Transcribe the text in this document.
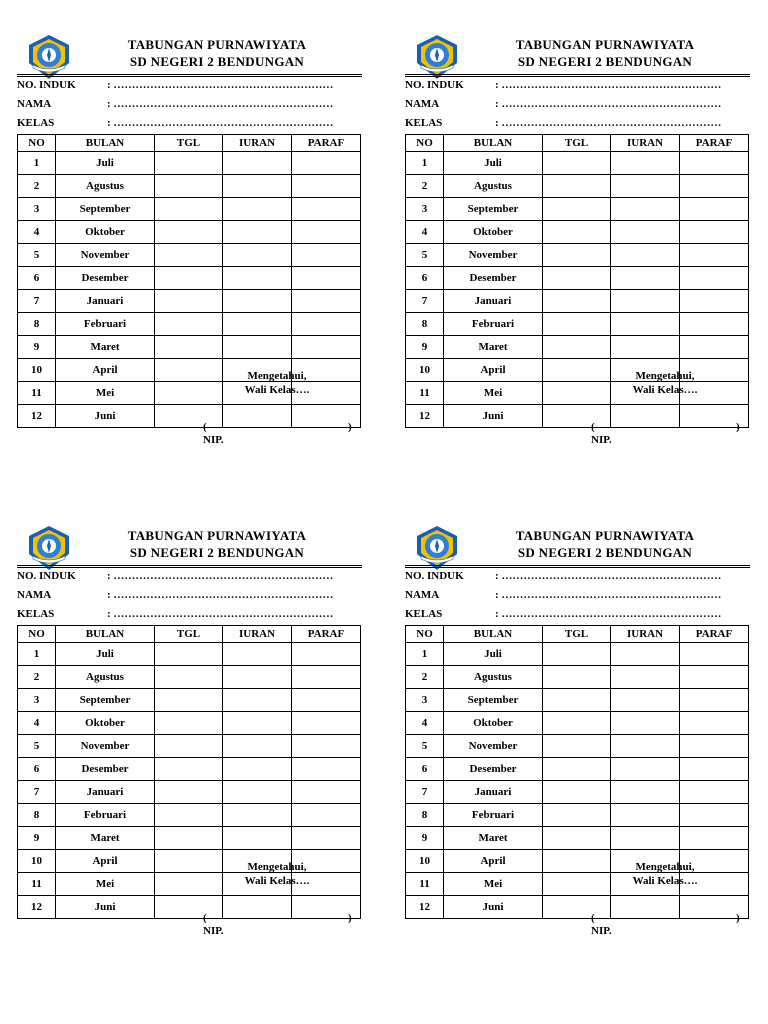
TABUNGAN PURNAWIYATA
SD NEGERI 2 BENDUNGAN
NO. INDUK	: ……………………………………………………
NAMA	: ……………………………………………………
KELAS	: ……………………………………………………
NO	BULAN	TGL	IURAN	PARAF
1	Juli			
2	Agustus			
3	September			
4	Oktober			
5	November			
6	Desember			
7	Januari			
8	Februari			
9	Maret			
10	April			
11	Mei			
12	Juni			
Mengetahui,
Wali Kelas….
(	)
NIP.
TABUNGAN PURNAWIYATA
SD NEGERI 2 BENDUNGAN
NO. INDUK	: ……………………………………………………
NAMA	: ……………………………………………………
KELAS	: ……………………………………………………
NO	BULAN	TGL	IURAN	PARAF
1	Juli			
2	Agustus			
3	September			
4	Oktober			
5	November			
6	Desember			
7	Januari			
8	Februari			
9	Maret			
10	April			
11	Mei			
12	Juni			
Mengetahui,
Wali Kelas….
(	)
NIP.
TABUNGAN PURNAWIYATA
SD NEGERI 2 BENDUNGAN
NO. INDUK	: ……………………………………………………
NAMA	: ……………………………………………………
KELAS	: ……………………………………………………
NO	BULAN	TGL	IURAN	PARAF
1	Juli			
2	Agustus			
3	September			
4	Oktober			
5	November			
6	Desember			
7	Januari			
8	Februari			
9	Maret			
10	April			
11	Mei			
12	Juni			
Mengetahui,
Wali Kelas….
(	)
NIP.
TABUNGAN PURNAWIYATA
SD NEGERI 2 BENDUNGAN
NO. INDUK	: ……………………………………………………
NAMA	: ……………………………………………………
KELAS	: ……………………………………………………
NO	BULAN	TGL	IURAN	PARAF
1	Juli			
2	Agustus			
3	September			
4	Oktober			
5	November			
6	Desember			
7	Januari			
8	Februari			
9	Maret			
10	April			
11	Mei			
12	Juni			
Mengetahui,
Wali Kelas….
(	)
NIP.
